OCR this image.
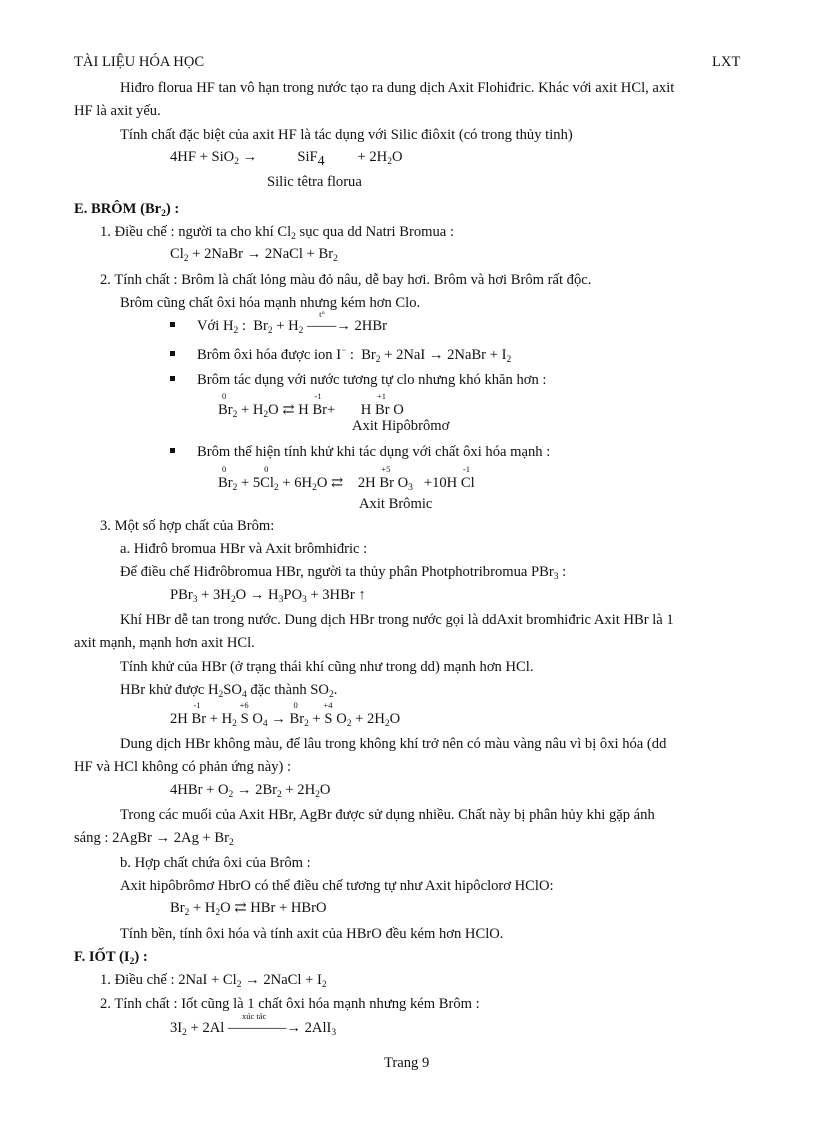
TÀI LIỆU HÓA HỌC	LXT
Hiđro florua HF tan vô hạn trong nước tạo ra dung dịch Axit Flohiđric. Khác với axit HCl, axit
HF là axit yếu.
Tính chất đặc biệt của axit HF là tác dụng với Silic điôxit (có trong thủy tinh)
4HF + SiO$_2$ →           SiF4         + $2H_2O$
Silic têtra florua
E. BRÔM $(Br_2)$ :
1. Điều chế : người ta cho khí $Cl_2$ sục qua dd Natri Bromua :
$Cl_2$ + 2NaBr → 2NaCl + $Br_2$
2. Tính chất : Brôm là chất lỏng màu đỏ nâu, dễ bay hơi. Brôm và hơi Brôm rất độc.
Brôm cũng chất ôxi hóa mạnh nhưng kém hơn Clo.
Với $H_2$ :  $Br_2 + H_2$ ——→
t°
2HBr
Brôm ôxi hóa được ion I− :  $Br_2 + 2NaI$ → 2NaBr + $I_2$
Brôm tác dụng với nước tương tự clo nhưng khó khăn hơn :
Br
0
$_2 + H_2O$ ⇄ H Br
-1
+       H Br
+1
O
Axit Hipôbrômơ
Brôm thể hiện tính khử khi tác dụng với chất ôxi hóa mạnh :
Br
0
$_2$ + 5Cl
0
$_2 + 6H_2O$ ⇄    2H Br
+5
$O_3 +10H$ Cl
-1
Axit Brômic
3. Một số hợp chất của Brôm:
a. Hiđrô bromua HBr và Axit brômhiđric :
Để điều chế Hiđrôbromua HBr, người ta thủy phân Photphotribromua PBr$_3$ :
$PBr_3 + 3H_2O \to H_3PO_3 + 3HBr$ ↑
Khí HBr dễ tan trong nước. Dung dịch HBr trong nước gọi là ddAxit bromhiđric Axit HBr là 1
axit mạnh, mạnh hơn axit HCl.
Tính khử của HBr (ở trạng thái khí cũng như trong dd) mạnh hơn HCl.
HBr khử được $H_2SO_4$ đặc thành $SO_2$.
2H Br
-1
+ $H_2$ S
+6
$O_4 \to Br$
0
$_2$ + S
+4
$O_2 + 2H_2O$
Dung dịch HBr không màu, để lâu trong không khí trở nên có màu vàng nâu vì bị ôxi hóa (dd
HF và HCl không có phản ứng này) :
$4HBr + O_2 \to 2Br_2 + 2H_2O$
Trong các muối của Axit HBr, AgBr được sử dụng nhiều. Chất này bị phân hủy khi gặp ánh
sáng : 2AgBr → $2Ag + Br_2$
b. Hợp chất chứa ôxi của Brôm :
Axit hipôbrômơ HbrO có thể điều chế tương tự như Axit hipôclorơ HClO:
$Br_2 + H_2O$ ⇄ HBr + HBrO
Tính bền, tính ôxi hóa và tính axit của HBrO đều kém hơn HClO.
F. IỐT $(I_2)$ :
1. Điều chế : $2NaI + Cl_2$ → 2NaCl + $I_2$
2. Tính chất : Iốt cũng là 1 chất ôxi hóa mạnh nhưng kém Brôm :
$3I_2 + 2Al$ ————→
xúc tác
2AlI$_3$
Trang 9
